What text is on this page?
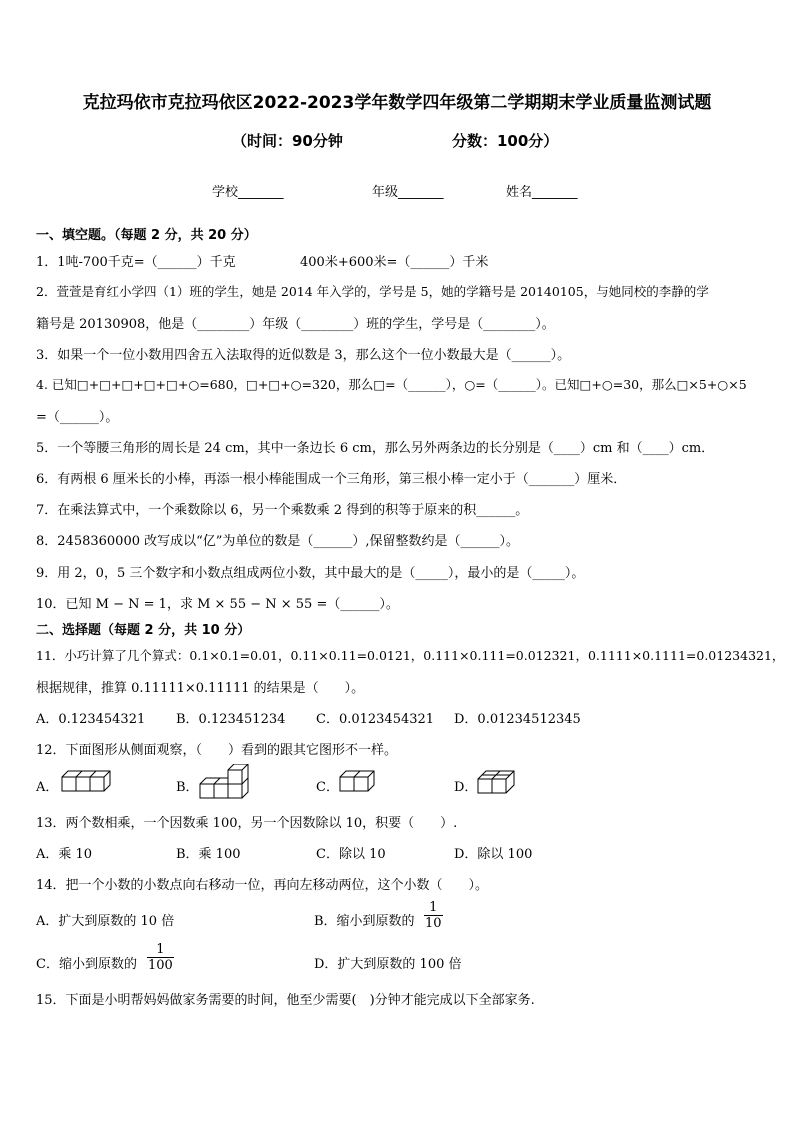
克拉玛依市克拉玛依区2022-2023学年数学四年级第二学期期末学业质量监测试题
（时间：90分钟	分数：100分）
学校_______	年级_______	姓名_______
一、填空题。（每题 2 分，共 20 分）
1．1吨-700千克=（______）千克	400米+600米=（______）千米
2．萱萱是育红小学四（1）班的学生，她是 2014 年入学的，学号是 5，她的学籍号是 20140105，与她同校的李静的学
籍号是 20130908，他是（________）年级（________）班的学生，学号是（________）。
3．如果一个一位小数用四舍五入法取得的近似数是 3，那么这个一位小数最大是（______）。
4. 已知□+□+□+□+□+○=680，□+□+○=320，那么□=（______），○=（______）。已知□+○=30，那么□×5+○×5
=（______）。
5．一个等腰三角形的周长是 24 cm，其中一条边长 6 cm，那么另外两条边的长分别是（____）cm 和（____）cm．
6．有两根 6 厘米长的小棒，再添一根小棒能围成一个三角形，第三根小棒一定小于（_______）厘米．
7．在乘法算式中，一个乘数除以 6，另一个乘数乘 2 得到的积等于原来的积______。
8．2458360000 改写成以“亿”为单位的数是（______）,保留整数约是（______）。
9．用 2，0，5 三个数字和小数点组成两位小数，其中最大的是（_____），最小的是（_____）。
10．已知 M − N = 1，求 M × 55 − N × 55 =（______）。
二、选择题（每题 2 分，共 10 分）
11．小巧计算了几个算式：0.1×0.1=0.01，0.11×0.11=0.0121，0.111×0.111=0.012321，0.1111×0.1111=0.01234321，
根据规律，推算 0.11111×0.11111 的结果是（　　）。
A．0.123454321 B．0.123451234 C．0.0123454321 D．0.01234512345
12．下面图形从侧面观察，（　　）看到的跟其它图形不一样。
A．	B．	C．	D．
13．两个数相乘，一个因数乘 100，另一个因数除以 10，积要（　　）.
A．乘 10	B．乘 100	C．除以 10	D．除以 100
14．把一个小数的小数点向右移动一位，再向左移动两位，这个小数（　　）。
A．扩大到原数的 10 倍	B．缩小到原数的 $\frac{1}{10}$
C．缩小到原数的 $\frac{1}{100}$	D．扩大到原数的 100 倍
15．下面是小明帮妈妈做家务需要的时间，他至少需要(　)分钟才能完成以下全部家务.
